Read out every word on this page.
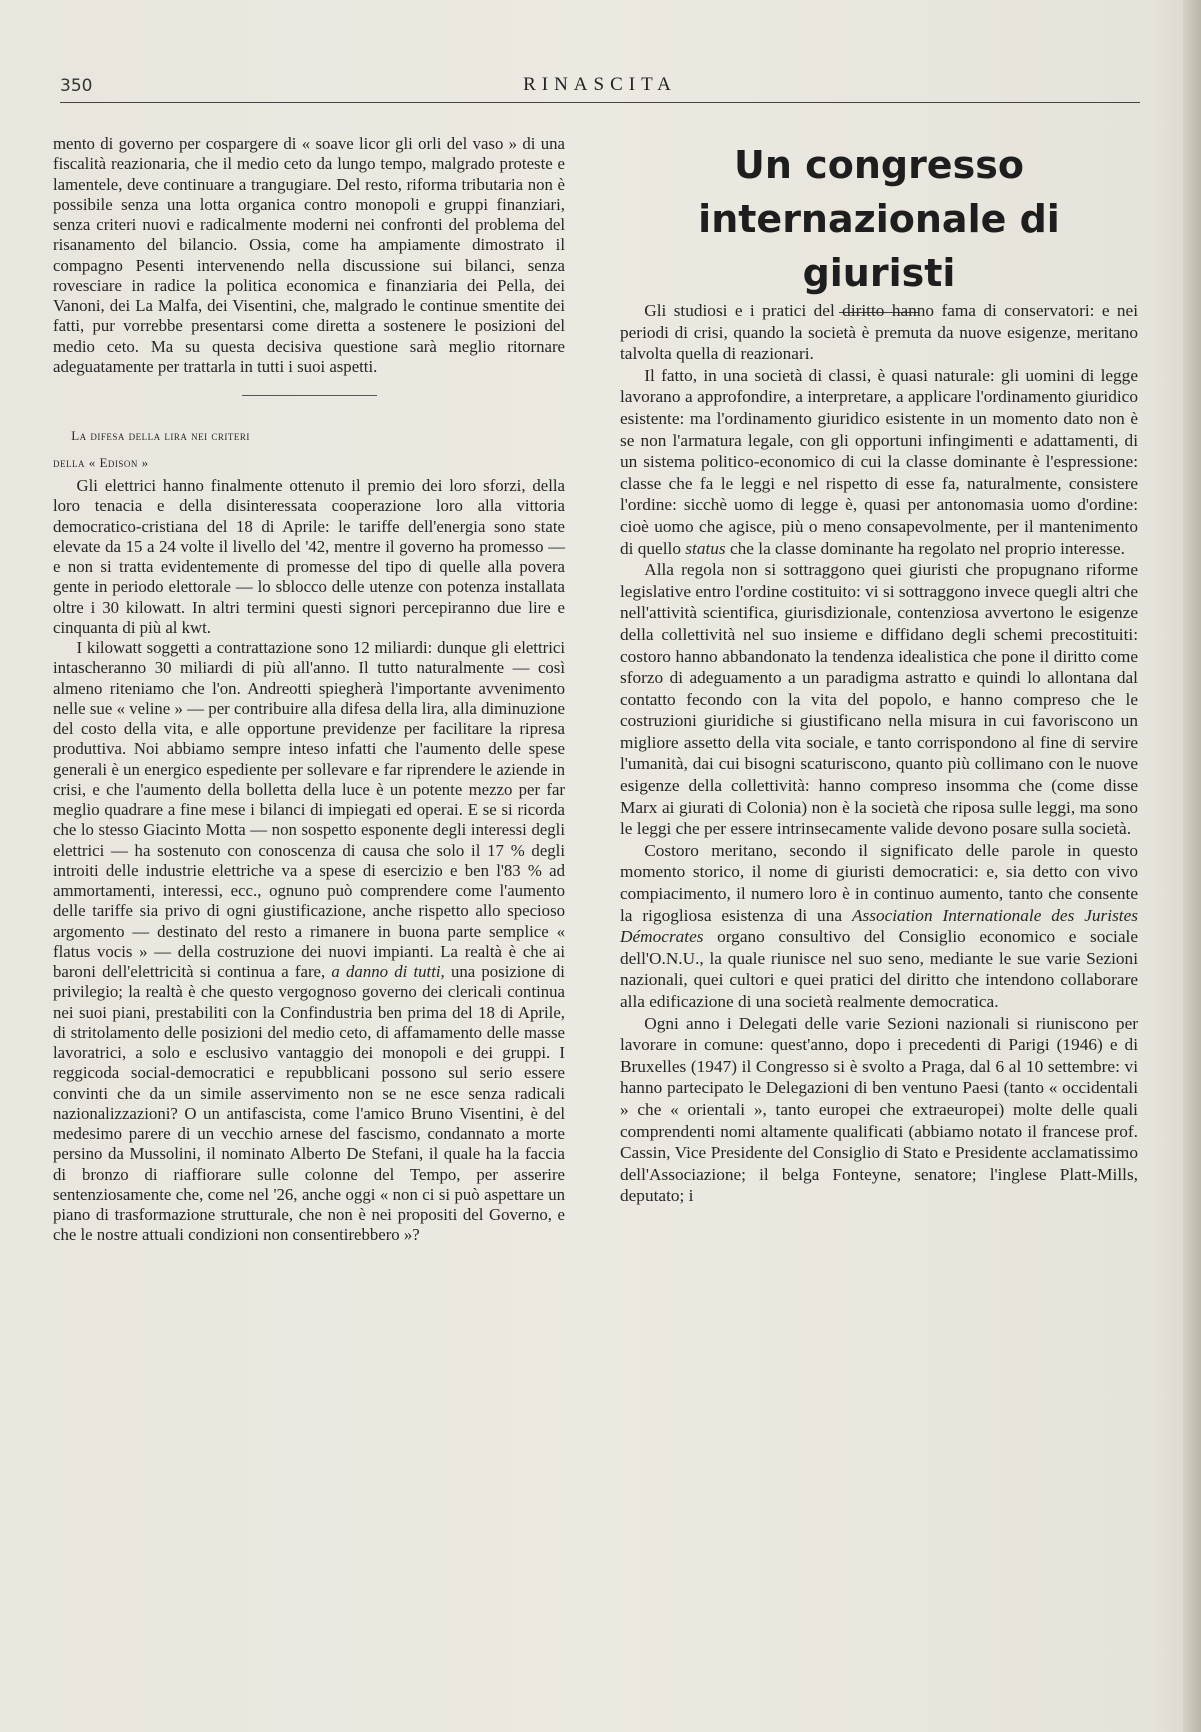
350	RINASCITA

mento di governo per cospargere di « soave licor gli orli del vaso » di una fiscalità reazionaria, che il medio ceto da lungo tempo, malgrado proteste e lamentele, deve continuare a trangugiare. Del resto, riforma tributaria non è possibile senza una lotta organica contro monopoli e gruppi finanziari, senza criteri nuovi e radicalmente moderni nei confronti del problema del risanamento del bilancio. Ossia, come ha ampiamente dimostrato il compagno Pesenti intervenendo nella discussione sui bilanci, senza rovesciare in radice la politica economica e finanziaria dei Pella, dei Vanoni, dei La Malfa, dei Visentini, che, malgrado le continue smentite dei fatti, pur vorrebbe presentarsi come diretta a sostenere le posizioni del medio ceto. Ma su questa decisiva questione sarà meglio ritornare adeguatamente per trattarla in tutti i suoi aspetti.

La difesa della lira nei criteri
della « Edison »

Gli elettrici hanno finalmente ottenuto il premio dei loro sforzi, della loro tenacia e della disinteressata cooperazione loro alla vittoria democratico-cristiana del 18 di Aprile: le tariffe dell'energia sono state elevate da 15 a 24 volte il livello del '42, mentre il governo ha promesso — e non si tratta evidentemente di promesse del tipo di quelle alla povera gente in periodo elettorale — lo sblocco delle utenze con potenza installata oltre i 30 kilowatt. In altri termini questi signori percepiranno due lire e cinquanta di più al kwt.

I kilowatt soggetti a contrattazione sono 12 miliardi: dunque gli elettrici intascheranno 30 miliardi di più all'anno. Il tutto naturalmente — così almeno riteniamo che l'on. Andreotti spiegherà l'importante avvenimento nelle sue « veline » — per contribuire alla difesa della lira, alla diminuzione del costo della vita, e alle opportune previdenze per facilitare la ripresa produttiva. Noi abbiamo sempre inteso infatti che l'aumento delle spese generali è un energico espediente per sollevare e far riprendere le aziende in crisi, e che l'aumento della bolletta della luce è un potente mezzo per far meglio quadrare a fine mese i bilanci di impiegati ed operai. E se si ricorda che lo stesso Giacinto Motta — non sospetto esponente degli interessi degli elettrici — ha sostenuto con conoscenza di causa che solo il 17 % degli introiti delle industrie elettriche va a spese di esercizio e ben l'83 % ad ammortamenti, interessi, ecc., ognuno può comprendere come l'aumento delle tariffe sia privo di ogni giustificazione, anche rispetto allo specioso argomento — destinato del resto a rimanere in buona parte semplice « flatus vocis » — della costruzione dei nuovi impianti. La realtà è che ai baroni dell'elettricità si continua a fare, a danno di tutti, una posizione di privilegio; la realtà è che questo vergognoso governo dei clericali continua nei suoi piani, prestabiliti con la Confindustria ben prima del 18 di Aprile, di stritolamento delle posizioni del medio ceto, di affamamento delle masse lavoratrici, a solo e esclusivo vantaggio dei monopoli e dei gruppi. I reggicoda social-democratici e repubblicani possono sul serio essere convinti che da un simile asservimento non se ne esce senza radicali nazionalizzazioni? O un antifascista, come l'amico Bruno Visentini, è del medesimo parere di un vecchio arnese del fascismo, condannato a morte persino da Mussolini, il nominato Alberto De Stefani, il quale ha la faccia di bronzo di riaffiorare sulle colonne del Tempo, per asserire sentenziosamente che, come nel '26, anche oggi « non ci si può aspettare un piano di trasformazione strutturale, che non è nei propositi del Governo, e che le nostre attuali condizioni non consentirebbero »?

Un congresso
internazionale di giuristi

Gli studiosi e i pratici del diritto hanno fama di conservatori: e nei periodi di crisi, quando la società è premuta da nuove esigenze, meritano talvolta quella di reazionari.

Il fatto, in una società di classi, è quasi naturale: gli uomini di legge lavorano a approfondire, a interpretare, a applicare l'ordinamento giuridico esistente: ma l'ordinamento giuridico esistente in un momento dato non è se non l'armatura legale, con gli opportuni infingimenti e adattamenti, di un sistema politico-economico di cui la classe dominante è l'espressione: classe che fa le leggi e nel rispetto di esse fa, naturalmente, consistere l'ordine: sicchè uomo di legge è, quasi per antonomasia uomo d'ordine: cioè uomo che agisce, più o meno consapevolmente, per il mantenimento di quello status che la classe dominante ha regolato nel proprio interesse.

Alla regola non si sottraggono quei giuristi che propugnano riforme legislative entro l'ordine costituito: vi si sottraggono invece quegli altri che nell'attività scientifica, giurisdizionale, contenziosa avvertono le esigenze della collettività nel suo insieme e diffidano degli schemi precostituiti: costoro hanno abbandonato la tendenza idealistica che pone il diritto come sforzo di adeguamento a un paradigma astratto e quindi lo allontana dal contatto fecondo con la vita del popolo, e hanno compreso che le costruzioni giuridiche si giustificano nella misura in cui favoriscono un migliore assetto della vita sociale, e tanto corrispondono al fine di servire l'umanità, dai cui bisogni scaturiscono, quanto più collimano con le nuove esigenze della collettività: hanno compreso insomma che (come disse Marx ai giurati di Colonia) non è la società che riposa sulle leggi, ma sono le leggi che per essere intrinsecamente valide devono posare sulla società.

Costoro meritano, secondo il significato delle parole in questo momento storico, il nome di giuristi democratici: e, sia detto con vivo compiacimento, il numero loro è in continuo aumento, tanto che consente la rigogliosa esistenza di una Association Internationale des Juristes Démocrates organo consultivo del Consiglio economico e sociale dell'O.N.U., la quale riunisce nel suo seno, mediante le sue varie Sezioni nazionali, quei cultori e quei pratici del diritto che intendono collaborare alla edificazione di una società realmente democratica.

Ogni anno i Delegati delle varie Sezioni nazionali si riuniscono per lavorare in comune: quest'anno, dopo i precedenti di Parigi (1946) e di Bruxelles (1947) il Congresso si è svolto a Praga, dal 6 al 10 settembre: vi hanno partecipato le Delegazioni di ben ventuno Paesi (tanto « occidentali » che « orientali », tanto europei che extraeuropei) molte delle quali comprendenti nomi altamente qualificati (abbiamo notato il francese prof. Cassin, Vice Presidente del Consiglio di Stato e Presidente acclamatissimo dell'Associazione; il belga Fonteyne, senatore; l'inglese Platt-Mills, deputato; i
